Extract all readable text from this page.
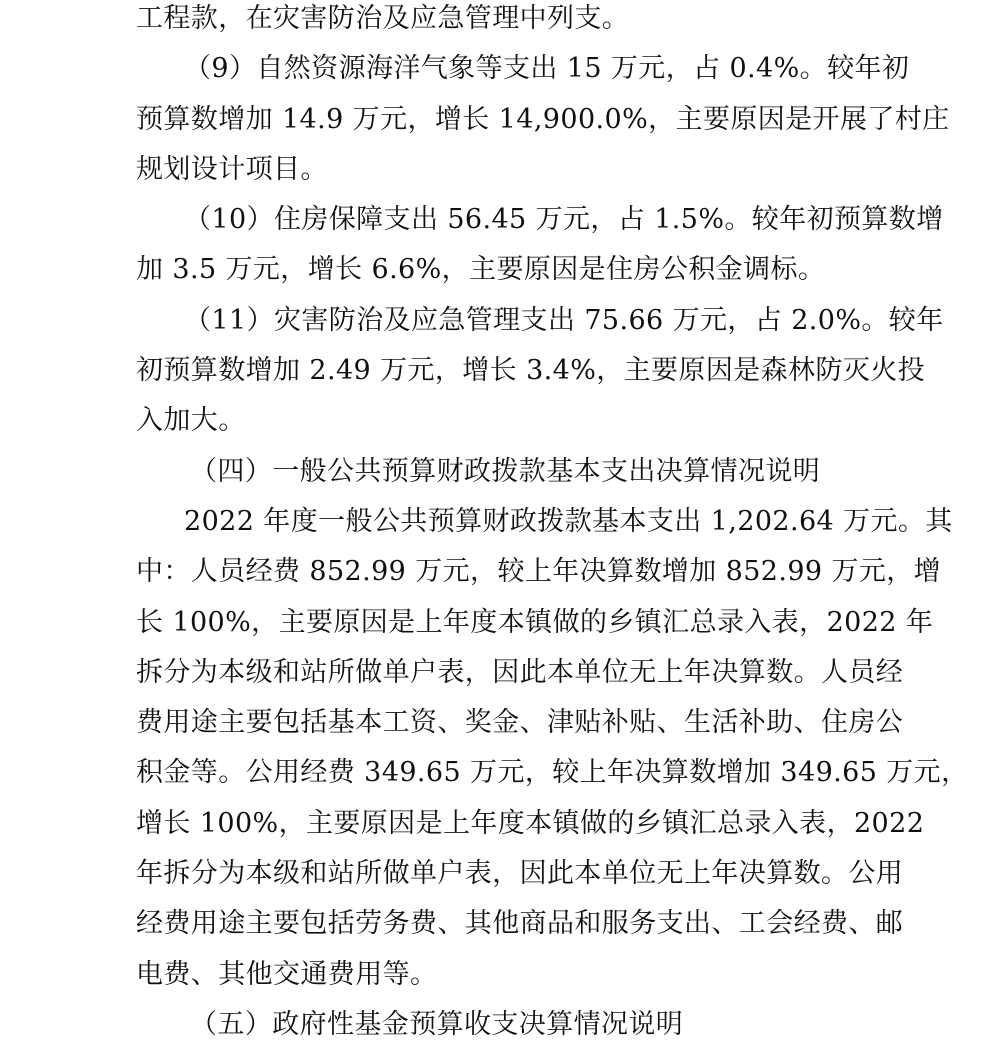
工程款，在灾害防治及应急管理中列支。
（9）自然资源海洋气象等支出 15 万元，占 0.4%。较年初
预算数增加 14.9 万元，增长 14,900.0%，主要原因是开展了村庄
规划设计项目。
（10）住房保障支出 56.45 万元，占 1.5%。较年初预算数增
加 3.5 万元，增长 6.6%，主要原因是住房公积金调标。
（11）灾害防治及应急管理支出 75.66 万元，占 2.0%。较年
初预算数增加 2.49 万元，增长 3.4%，主要原因是森林防灭火投
入加大。
（四）一般公共预算财政拨款基本支出决算情况说明
2022 年度一般公共预算财政拨款基本支出 1,202.64 万元。其
中：人员经费 852.99 万元，较上年决算数增加 852.99 万元，增
长 100%，主要原因是上年度本镇做的乡镇汇总录入表，2022 年
拆分为本级和站所做单户表，因此本单位无上年决算数。人员经
费用途主要包括基本工资、奖金、津贴补贴、生活补助、住房公
积金等。公用经费 349.65 万元，较上年决算数增加 349.65 万元，
增长 100%，主要原因是上年度本镇做的乡镇汇总录入表，2022
年拆分为本级和站所做单户表，因此本单位无上年决算数。公用
经费用途主要包括劳务费、其他商品和服务支出、工会经费、邮
电费、其他交通费用等。
（五）政府性基金预算收支决算情况说明
